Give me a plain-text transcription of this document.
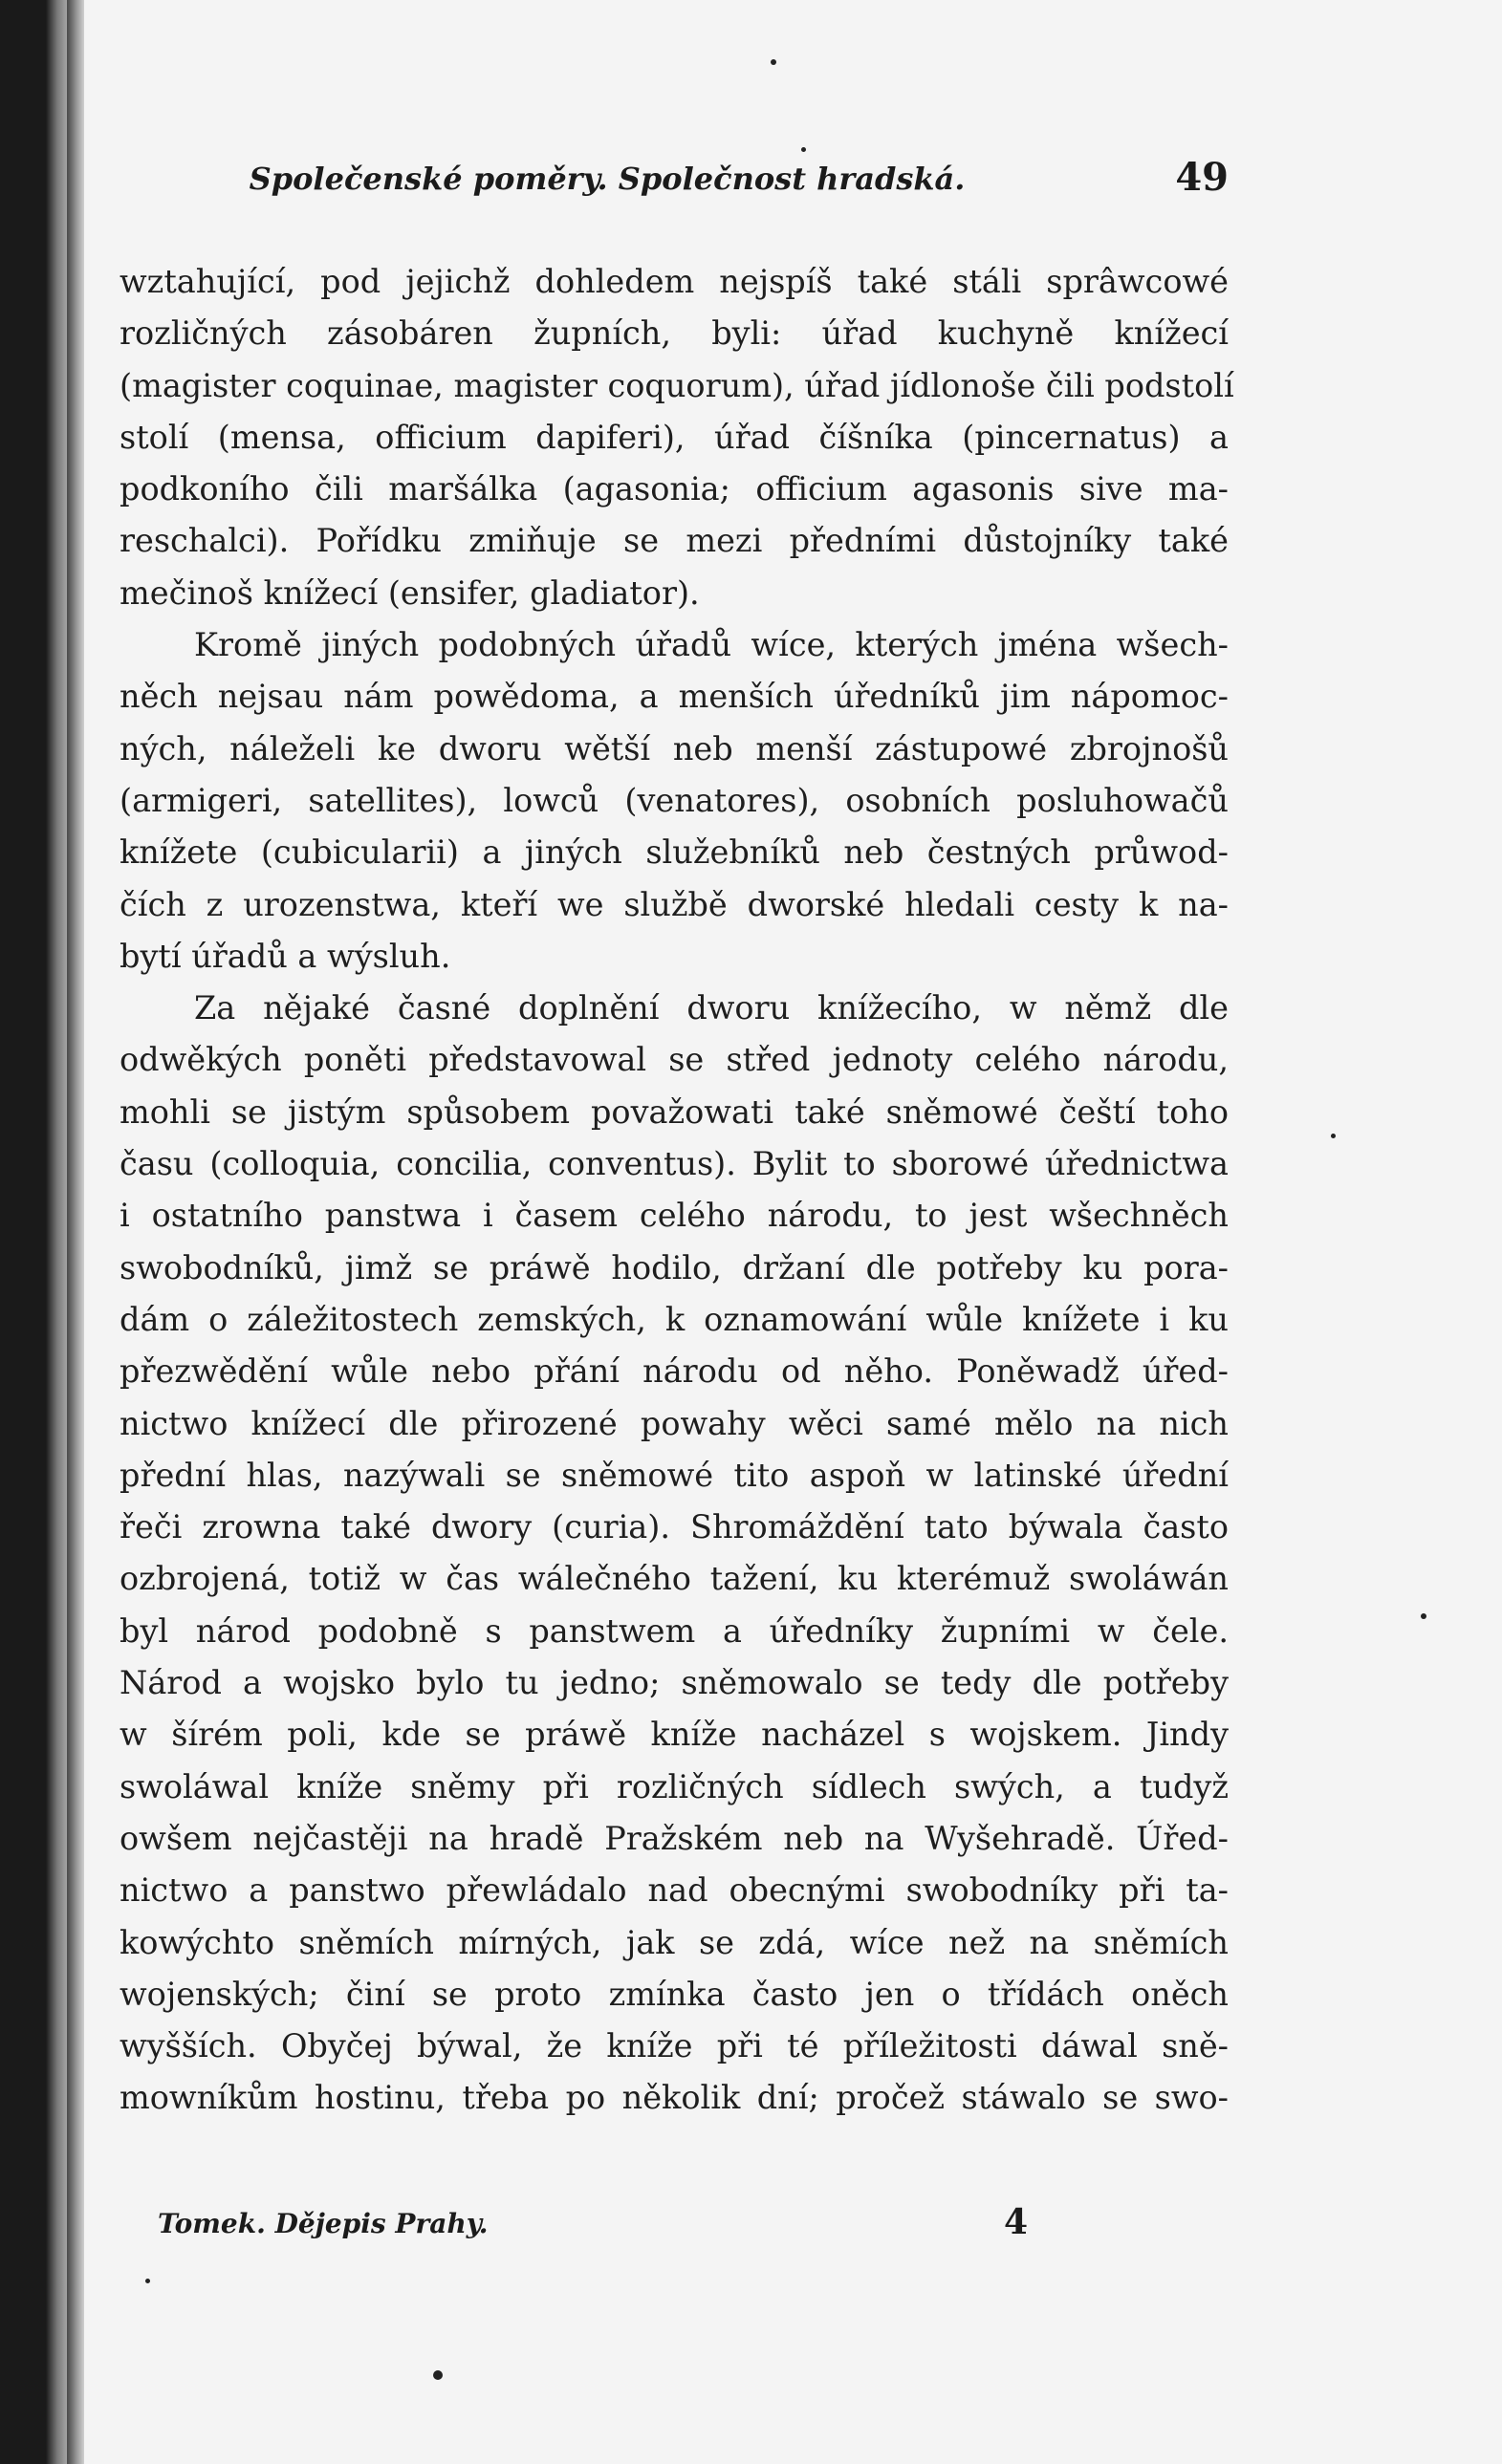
Společenské poměry. Společnost hradská.	49
wztahující, pod jejichž dohledem nejspíš také stáli sprâwcowé
rozličných zásobáren župních, byli: úřad kuchyně knížecí
(magister coquinae, magister coquorum), úřad jídlonoše čili podstolí
stolí (mensa, officium dapiferi), úřad číšníka (pincernatus) a
podkoního čili maršálka (agasonia; officium agasonis sive ma-
reschalci). Pořídku zmiňuje se mezi předními důstojníky také
mečinoš knížecí (ensifer, gladiator).
Kromě jiných podobných úřadů wíce, kterých jména wšech-
něch nejsau nám powědoma, a menších úředníků jim nápomoc-
ných, náleželi ke dworu wětší neb menší zástupowé zbrojnošů
(armigeri, satellites), lowců (venatores), osobních posluhowačů
knížete (cubicularii) a jiných služebníků neb čestných průwod-
čích z urozenstwa, kteří we službě dworské hledali cesty k na-
bytí úřadů a wýsluh.
Za nějaké časné doplnění dworu knížecího, w němž dle
odwěkých poněti představowal se střed jednoty celého národu,
mohli se jistým spůsobem považowati také sněmowé čeští toho
času (colloquia, concilia, conventus). Bylit to sborowé úřednictwa
i ostatního panstwa i časem celého národu, to jest wšechněch
swobodníků, jimž se práwě hodilo, držaní dle potřeby ku pora-
dám o záležitostech zemských, k oznamowání wůle knížete i ku
přezwědění wůle nebo přání národu od něho. Poněwadž úřed-
nictwo knížecí dle přirozené powahy wěci samé mělo na nich
přední hlas, nazýwali se sněmowé tito aspoň w latinské úřední
řeči zrowna také dwory (curia). Shromáždění tato býwala často
ozbrojená, totiž w čas wálečného tažení, ku kterémuž swoláwán
byl národ podobně s panstwem a úředníky župními w čele.
Národ a wojsko bylo tu jedno; sněmowalo se tedy dle potřeby
w šírém poli, kde se práwě kníže nacházel s wojskem. Jindy
swoláwal kníže sněmy při rozličných sídlech swých, a tudyž
owšem nejčastěji na hradě Pražském neb na Wyšehradě. Úřed-
nictwo a panstwo přewládalo nad obecnými swobodníky při ta-
kowýchto sněmích mírných, jak se zdá, wíce než na sněmích
wojenských; činí se proto zmínka často jen o třídách oněch
wyšších. Obyčej býwal, že kníže při té příležitosti dáwal sně-
mowníkům hostinu, třeba po několik dní; pročež stáwalo se swo-
Tomek. Dějepis Prahy.	4
